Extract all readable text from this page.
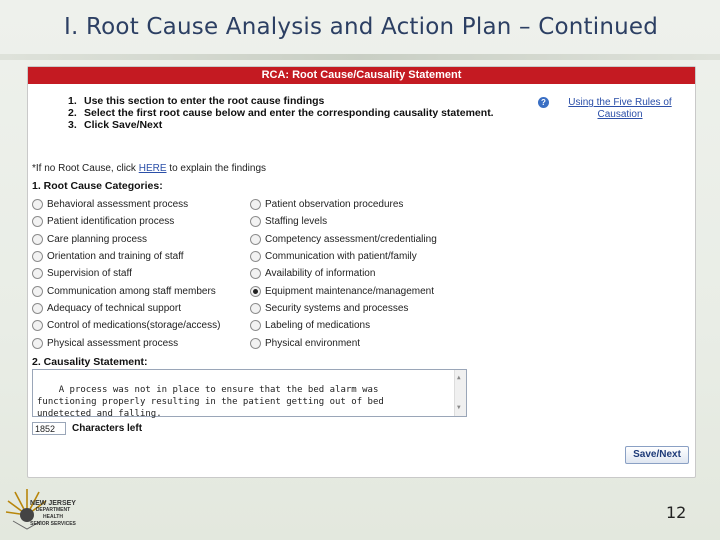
I. Root Cause Analysis and Action Plan – Continued
RCA: Root Cause/Causality Statement
1. Use this section to enter the root cause findings
2. Select the first root cause below and enter the corresponding causality statement.
3. Click Save/Next
?	Using the Five Rules of Causation
*If no Root Cause, click HERE to explain the findings
1. Root Cause Categories:
Behavioral assessment process
Patient identification process
Care planning process
Orientation and training of staff
Supervision of staff
Communication among staff members
Adequacy of technical support
Control of medications(storage/access)
Physical assessment process
Patient observation procedures
Staffing levels
Competency assessment/credentialing
Communication with patient/family
Availability of information
Equipment maintenance/management
Security systems and processes
Labeling of medications
Physical environment
2. Causality Statement:

A process was not in place to ensure that the bed alarm was
functioning properly resulting in the patient getting out of bed
undetected and falling.

▲

▼

1852	Characters left
Save/Next
NEW JERSEY
DEPARTMENT
HEALTH
SENIOR SERVICES
12
